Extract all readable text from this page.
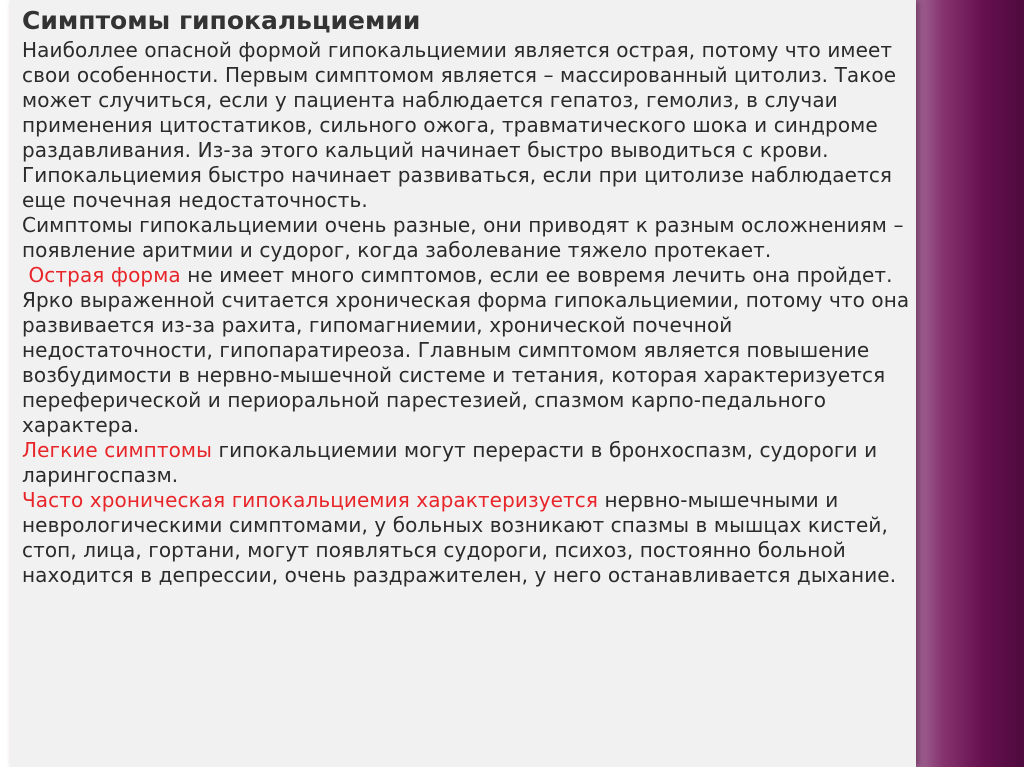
Симптомы гипокальциемии

Наиболлее опасной формой гипокальциемии является острая, потому что имеет свои особенности. Первым симптомом является – массированный цитолиз. Такое может случиться, если у пациента наблюдается гепатоз, гемолиз, в случаи применения цитостатиков, сильного ожога, травматического шока и синдроме раздавливания. Из-за этого кальций начинает быстро выводиться с крови. Гипокальциемия быстро начинает развиваться, если при цитолизе наблюдается еще почечная недостаточность.

Симптомы гипокальциемии очень разные, они приводят к разным осложнениям – появление аритмии и судорог, когда заболевание тяжело протекает.

Острая форма не имеет много симптомов, если ее вовремя лечить она пройдет.

Ярко выраженной считается хроническая форма гипокальциемии, потому что она развивается из-за рахита, гипомагниемии, хронической почечной недостаточности, гипопаратиреоза. Главным симптомом является повышение возбудимости в нервно-мышечной системе и тетания, которая характеризуется переферической и периоральной парестезией, спазмом карпо-педального характера.

Легкие симптомы гипокальциемии могут перерасти в бронхоспазм, судороги и ларингоспазм.

Часто хроническая гипокальциемия характеризуется нервно-мышечными и неврологическими симптомами, у больных возникают спазмы в мышцах кистей, стоп, лица, гортани, могут появляться судороги, психоз, постоянно больной находится в депрессии, очень раздражителен, у него останавливается дыхание.
